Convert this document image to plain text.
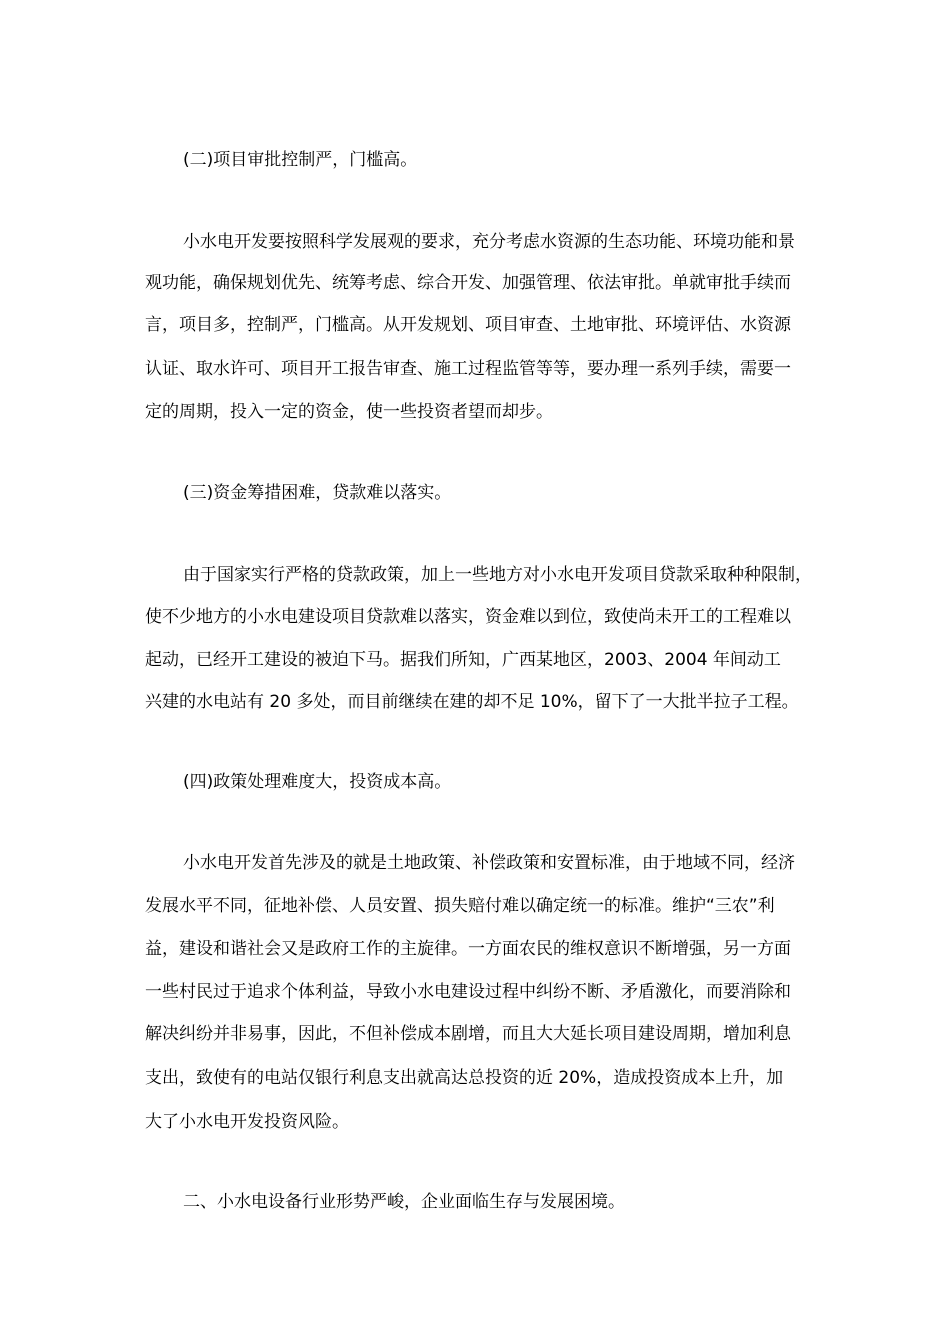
(二)项目审批控制严，门槛高。
小水电开发要按照科学发展观的要求，充分考虑水资源的生态功能、环境功能和景
观功能，确保规划优先、统筹考虑、综合开发、加强管理、依法审批。单就审批手续而
言，项目多，控制严，门槛高。从开发规划、项目审查、土地审批、环境评估、水资源
认证、取水许可、项目开工报告审查、施工过程监管等等，要办理一系列手续，需要一
定的周期，投入一定的资金，使一些投资者望而却步。
(三)资金筹措困难，贷款难以落实。
由于国家实行严格的贷款政策，加上一些地方对小水电开发项目贷款采取种种限制，
使不少地方的小水电建设项目贷款难以落实，资金难以到位，致使尚未开工的工程难以
起动，已经开工建设的被迫下马。据我们所知，广西某地区，2003、2004 年间动工
兴建的水电站有 20 多处，而目前继续在建的却不足 10%，留下了一大批半拉子工程。
(四)政策处理难度大，投资成本高。
小水电开发首先涉及的就是土地政策、补偿政策和安置标准，由于地域不同，经济
发展水平不同，征地补偿、人员安置、损失赔付难以确定统一的标准。维护“三农”利
益，建设和谐社会又是政府工作的主旋律。一方面农民的维权意识不断增强，另一方面
一些村民过于追求个体利益，导致小水电建设过程中纠纷不断、矛盾激化，而要消除和
解决纠纷并非易事，因此，不但补偿成本剧增，而且大大延长项目建设周期，增加利息
支出，致使有的电站仅银行利息支出就高达总投资的近 20%，造成投资成本上升，加
大了小水电开发投资风险。
二、小水电设备行业形势严峻，企业面临生存与发展困境。
